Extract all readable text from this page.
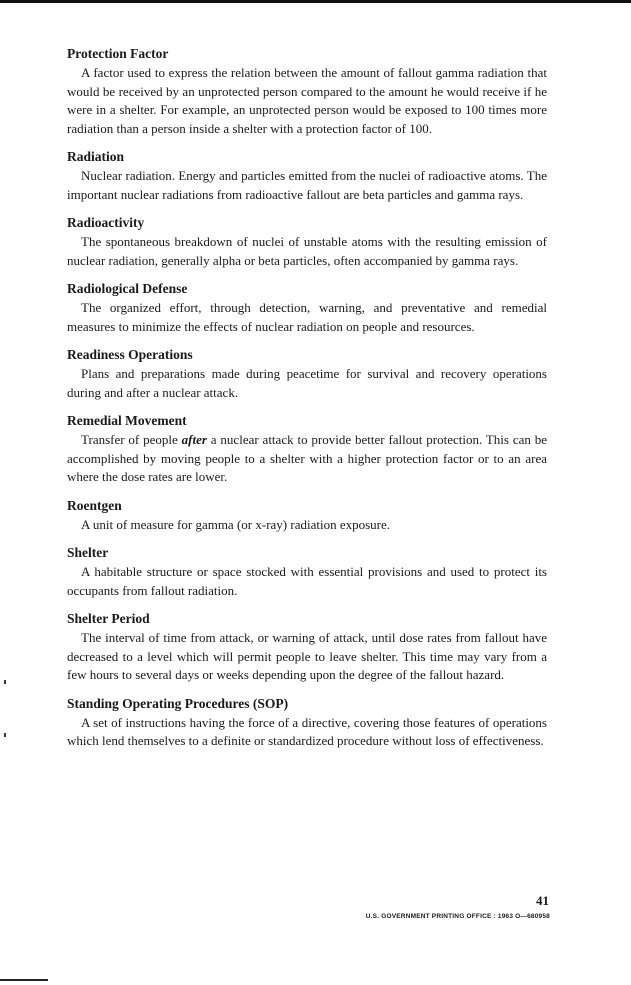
Protection Factor

A factor used to express the relation between the amount of fallout gamma radiation that would be received by an unprotected person compared to the amount he would receive if he were in a shelter. For example, an unprotected person would be exposed to 100 times more radiation than a person inside a shelter with a protection factor of 100.

Radiation

Nuclear radiation. Energy and particles emitted from the nuclei of radioactive atoms. The important nuclear radiations from radioactive fallout are beta particles and gamma rays.

Radioactivity

The spontaneous breakdown of nuclei of unstable atoms with the resulting emission of nuclear radiation, generally alpha or beta particles, often accompanied by gamma rays.

Radiological Defense

The organized effort, through detection, warning, and preventative and remedial measures to minimize the effects of nuclear radiation on people and resources.

Readiness Operations

Plans and preparations made during peacetime for survival and recovery operations during and after a nuclear attack.

Remedial Movement

Transfer of people after a nuclear attack to provide better fallout protection. This can be accomplished by moving people to a shelter with a higher protection factor or to an area where the dose rates are lower.

Roentgen

A unit of measure for gamma (or x-ray) radiation exposure.

Shelter

A habitable structure or space stocked with essential provisions and used to protect its occupants from fallout radiation.

Shelter Period

The interval of time from attack, or warning of attack, until dose rates from fallout have decreased to a level which will permit people to leave shelter. This time may vary from a few hours to several days or weeks depending upon the degree of the fallout hazard.

Standing Operating Procedures (SOP)

A set of instructions having the force of a directive, covering those features of operations which lend themselves to a definite or standardized procedure without loss of effectiveness.

41
U.S. GOVERNMENT PRINTING OFFICE : 1963 O—680958
